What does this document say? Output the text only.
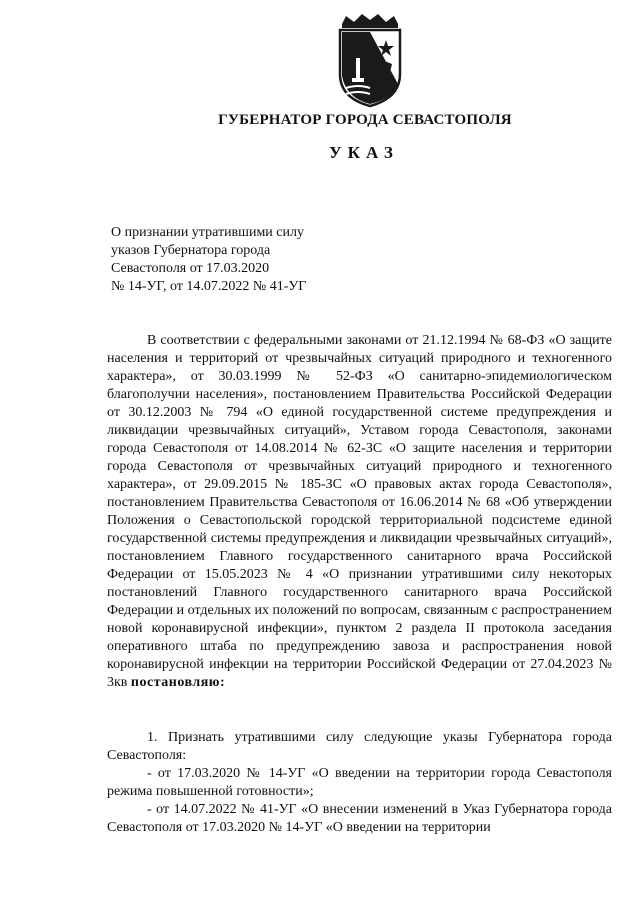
ГУБЕРНАТОР ГОРОДА СЕВАСТОПОЛЯ
УКАЗ
О признании утратившими силу
указов Губернатора города
Севастополя от 17.03.2020
№ 14-УГ, от 14.07.2022 № 41-УГ

В соответствии с федеральными законами от 21.12.1994 № 68-ФЗ «О защите населения и территорий от чрезвычайных ситуаций природного и техногенного характера», от 30.03.1999 № 52-ФЗ «О санитарно-эпидемиологическом благополучии населения», постановлением Правительства Российской Федерации от 30.12.2003 № 794 «О единой государственной системе предупреждения и ликвидации чрезвычайных ситуаций», Уставом города Севастополя, законами города Севастополя от 14.08.2014 № 62-ЗС «О защите населения и территории города Севастополя от чрезвычайных ситуаций природного и техногенного характера», от 29.09.2015 № 185-ЗС «О правовых актах города Севастополя», постановлением Правительства Севастополя от 16.06.2014 № 68 «Об утверждении Положения о Севастопольской городской территориальной подсистеме единой государственной системы предупреждения и ликвидации чрезвычайных ситуаций», постановлением Главного государственного санитарного врача Российской Федерации от 15.05.2023 № 4 «О признании утратившими силу некоторых постановлений Главного государственного санитарного врача Российской Федерации и отдельных их положений по вопросам, связанным с распространением новой коронавирусной инфекции», пунктом 2 раздела II протокола заседания оперативного штаба по предупреждению завоза и распространения новой коронавирусной инфекции на территории Российской Федерации от 27.04.2023 № 3кв постановляю:

1. Признать утратившими силу следующие указы Губернатора города Севастополя:

- от 17.03.2020 № 14-УГ «О введении на территории города Севастополя режима повышенной готовности»;

- от 14.07.2022 № 41-УГ «О внесении изменений в Указ Губернатора города Севастополя от 17.03.2020 № 14-УГ «О введении на территории
